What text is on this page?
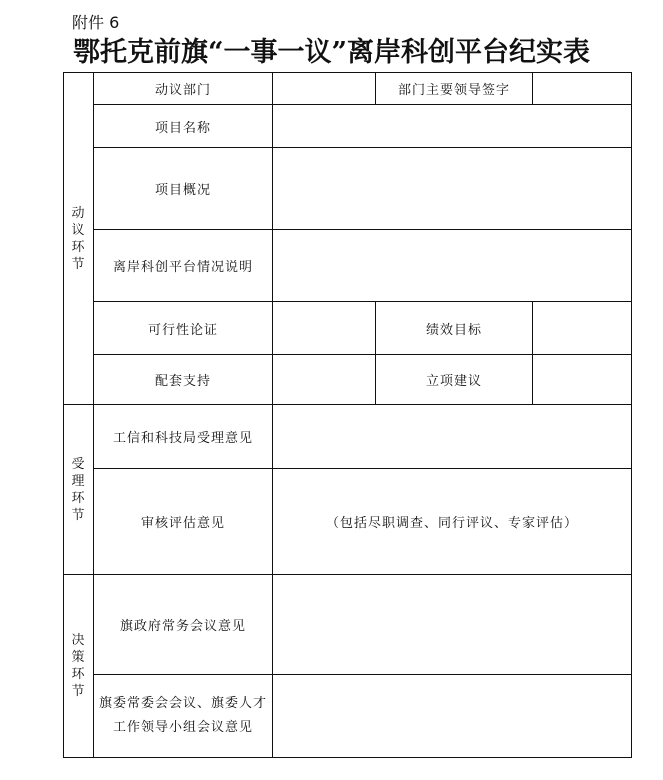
附件 6
鄂托克前旗“一事一议”离岸科创平台纪实表
动议环节	动议部门		部门主要领导签字	
	项目名称			
	项目概况			
	离岸科创平台情况说明			
	可行性论证		绩效目标	
	配套支持		立项建议	
受理环节	工信和科技局受理意见			
	审核评估意见	（包括尽职调查、同行评议、专家评估）		
决策环节	旗政府常务会议意见			

	旗委常委会会议、旗委人才
工作领导小组会议意见			
